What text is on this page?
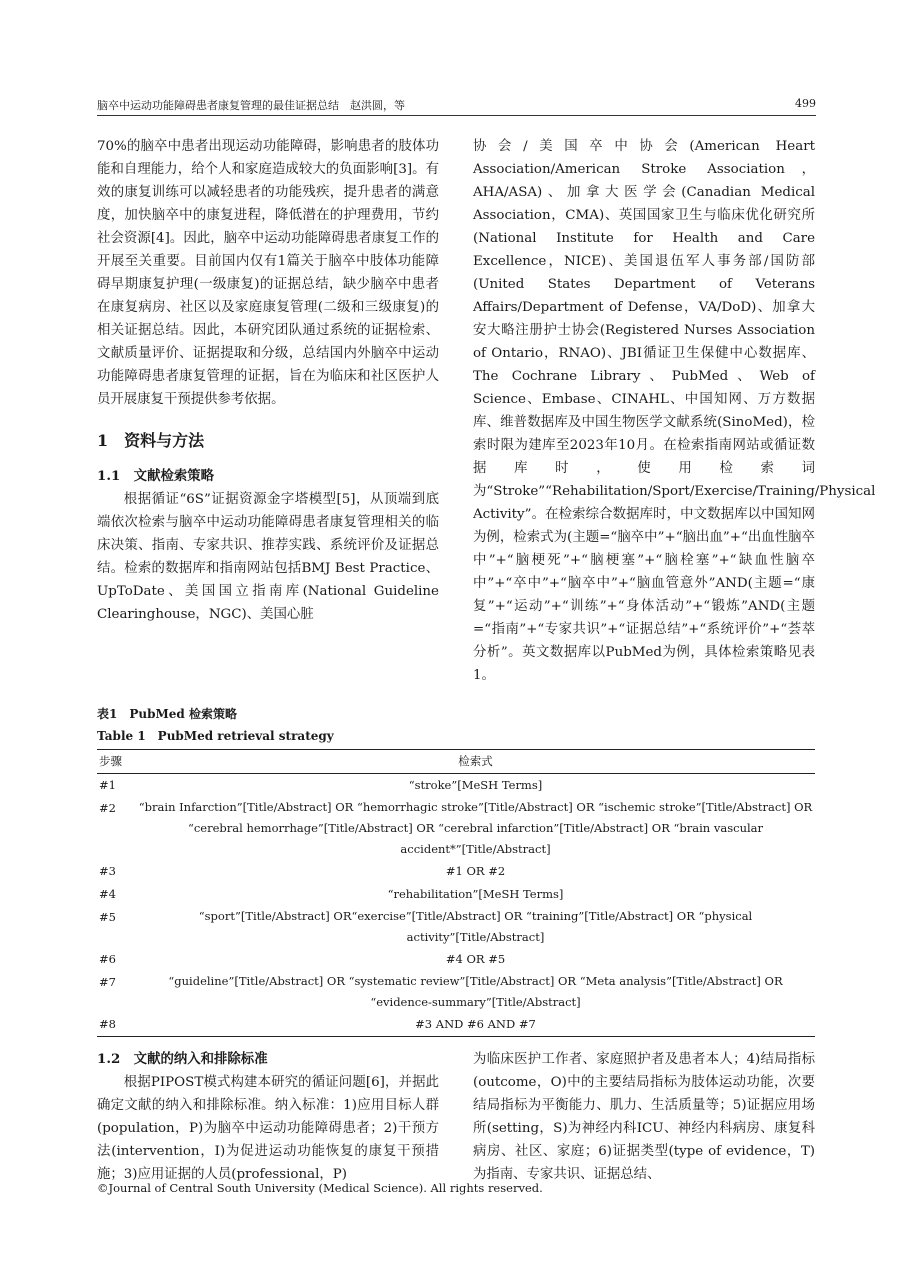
脑卒中运动功能障碍患者康复管理的最佳证据总结　赵洪圆，等	499

70%的脑卒中患者出现运动功能障碍，影响患者的肢体功能和自理能力，给个人和家庭造成较大的负面影响[3]。有效的康复训练可以减轻患者的功能残疾，提升患者的满意度，加快脑卒中的康复进程，降低潜在的护理费用，节约社会资源[4]。因此，脑卒中运动功能障碍患者康复工作的开展至关重要。目前国内仅有1篇关于脑卒中肢体功能障碍早期康复护理(一级康复)的证据总结，缺少脑卒中患者在康复病房、社区以及家庭康复管理(二级和三级康复)的相关证据总结。因此，本研究团队通过系统的证据检索、文献质量评价、证据提取和分级，总结国内外脑卒中运动功能障碍患者康复管理的证据，旨在为临床和社区医护人员开展康复干预提供参考依据。

1　资料与方法
1.1　文献检索策略

根据循证“6S”证据资源金字塔模型[5]，从顶端到底端依次检索与脑卒中运动功能障碍患者康复管理相关的临床决策、指南、专家共识、推荐实践、系统评价及证据总结。检索的数据库和指南网站包括BMJ Best Practice、UpToDate、美国国立指南库(National Guideline Clearinghouse，NGC)、美国心脏

协会/美国卒中协会(American Heart Association/American Stroke Association，AHA/ASA)、加拿大医学会(Canadian Medical Association，CMA)、英国国家卫生与临床优化研究所(National Institute for Health and Care Excellence，NICE)、美国退伍军人事务部/国防部(United States Department of Veterans Affairs/Department of Defense，VA/DoD)、加拿大安大略注册护士协会(Registered Nurses Association of Ontario，RNAO)、JBI循证卫生保健中心数据库、The Cochrane Library、PubMed、Web of Science、Embase、CINAHL、中国知网、万方数据库、维普数据库及中国生物医学文献系统(SinoMed)，检索时限为建库至2023年10月。在检索指南网站或循证数据库时，使用检索词为“Stroke”“Rehabilitation/Sport/Exercise/Training/Physical Activity”。在检索综合数据库时，中文数据库以中国知网为例，检索式为(主题=“脑卒中”+“脑出血”+“出血性脑卒中”+“脑梗死”+“脑梗塞”+“脑栓塞”+“缺血性脑卒中”+“卒中”+“脑卒中”+“脑血管意外”AND(主题=“康复”+“运动”+“训练”+“身体活动”+“锻炼”AND(主题=“指南”+“专家共识”+“证据总结”+“系统评价”+“荟萃分析”。英文数据库以PubMed为例，具体检索策略见表1。

表1　PubMed 检索策略
Table 1　PubMed retrieval strategy
步骤	检索式
#1	“stroke”[MeSH Terms]
#2	“brain Infarction”[Title/Abstract] OR “hemorrhagic stroke”[Title/Abstract] OR “ischemic stroke”[Title/Abstract] OR “cerebral hemorrhage”[Title/Abstract] OR “cerebral infarction”[Title/Abstract] OR “brain vascular accident*”[Title/Abstract]
#3	#1 OR #2
#4	“rehabilitation”[MeSH Terms]
#5	“sport”[Title/Abstract] OR“exercise”[Title/Abstract] OR “training”[Title/Abstract] OR “physical activity”[Title/Abstract]
#6	#4 OR #5
#7	“guideline”[Title/Abstract] OR “systematic review”[Title/Abstract] OR “Meta analysis”[Title/Abstract] OR “evidence-summary”[Title/Abstract]
#8	#3 AND #6 AND #7
1.2　文献的纳入和排除标准

根据PIPOST模式构建本研究的循证问题[6]，并据此确定文献的纳入和排除标准。纳入标准：1)应用目标人群(population，P)为脑卒中运动功能障碍患者；2)干预方法(intervention，I)为促进运动功能恢复的康复干预措施；3)应用证据的人员(professional，P)

为临床医护工作者、家庭照护者及患者本人；4)结局指标(outcome，O)中的主要结局指标为肢体运动功能，次要结局指标为平衡能力、肌力、生活质量等；5)证据应用场所(setting，S)为神经内科ICU、神经内科病房、康复科病房、社区、家庭；6)证据类型(type of evidence，T)为指南、专家共识、证据总结、

©Journal of Central South University (Medical Science). All rights reserved.
